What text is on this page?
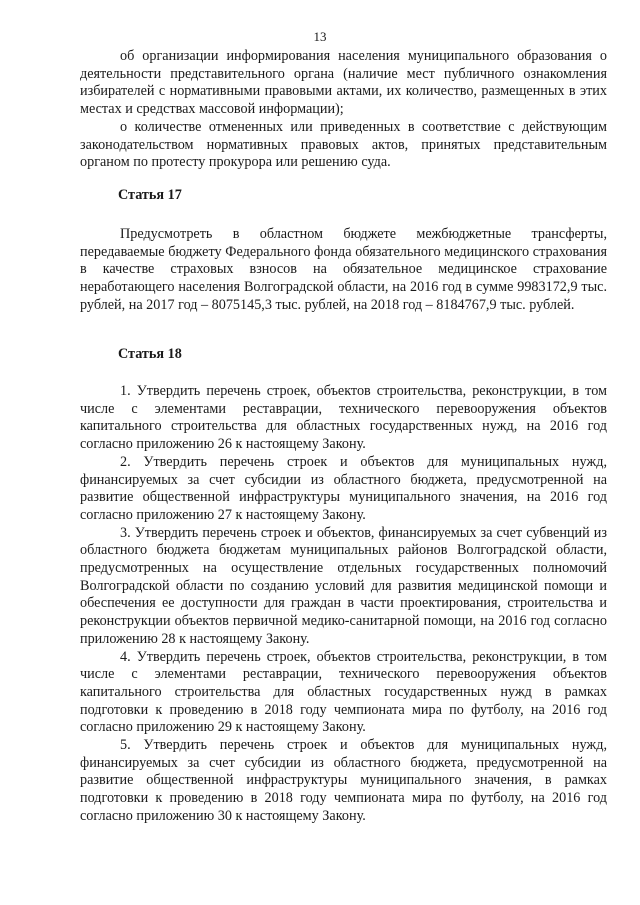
13

об организации информирования населения муниципального образования о деятельности представительного органа (наличие мест публичного ознакомления избирателей с нормативными правовыми актами, их количество, размещенных в этих местах и средствах массовой информации);

о количестве отмененных или приведенных в соответствие с действующим законодательством нормативных правовых актов, принятых представительным органом по протесту прокурора или решению суда.

Статья 17

Предусмотреть в областном бюджете межбюджетные трансферты, передаваемые бюджету Федерального фонда обязательного медицинского страхования в качестве страховых взносов на обязательное медицинское страхование неработающего населения Волгоградской области, на 2016 год в сумме 9983172,9 тыс. рублей, на 2017 год – 8075145,3 тыс. рублей, на 2018 год – 8184767,9 тыс. рублей.

Статья 18

1. Утвердить перечень строек, объектов строительства, реконструкции, в том числе с элементами реставрации, технического перевооружения объектов капитального строительства для областных государственных нужд, на 2016 год согласно приложению 26 к настоящему Закону.

2. Утвердить перечень строек и объектов для муниципальных нужд, финансируемых за счет субсидии из областного бюджета, предусмотренной на развитие общественной инфраструктуры муниципального значения, на 2016 год согласно приложению 27 к настоящему Закону.

3. Утвердить перечень строек и объектов, финансируемых за счет субвенций из областного бюджета бюджетам муниципальных районов Волгоградской области, предусмотренных на осуществление отдельных государственных полномочий Волгоградской области по созданию условий для развития медицинской помощи и обеспечения ее доступности для граждан в части проектирования, строительства и реконструкции объектов первичной медико-санитарной помощи, на 2016 год согласно приложению 28 к настоящему Закону.

4. Утвердить перечень строек, объектов строительства, реконструкции, в том числе с элементами реставрации, технического перевооружения объектов капитального строительства для областных государственных нужд в рамках подготовки к проведению в 2018 году чемпионата мира по футболу, на 2016 год согласно приложению 29 к настоящему Закону.

5. Утвердить перечень строек и объектов для муниципальных нужд, финансируемых за счет субсидии из областного бюджета, предусмотренной на развитие общественной инфраструктуры муниципального значения, в рамках подготовки к проведению в 2018 году чемпионата мира по футболу, на 2016 год согласно приложению 30 к настоящему Закону.
